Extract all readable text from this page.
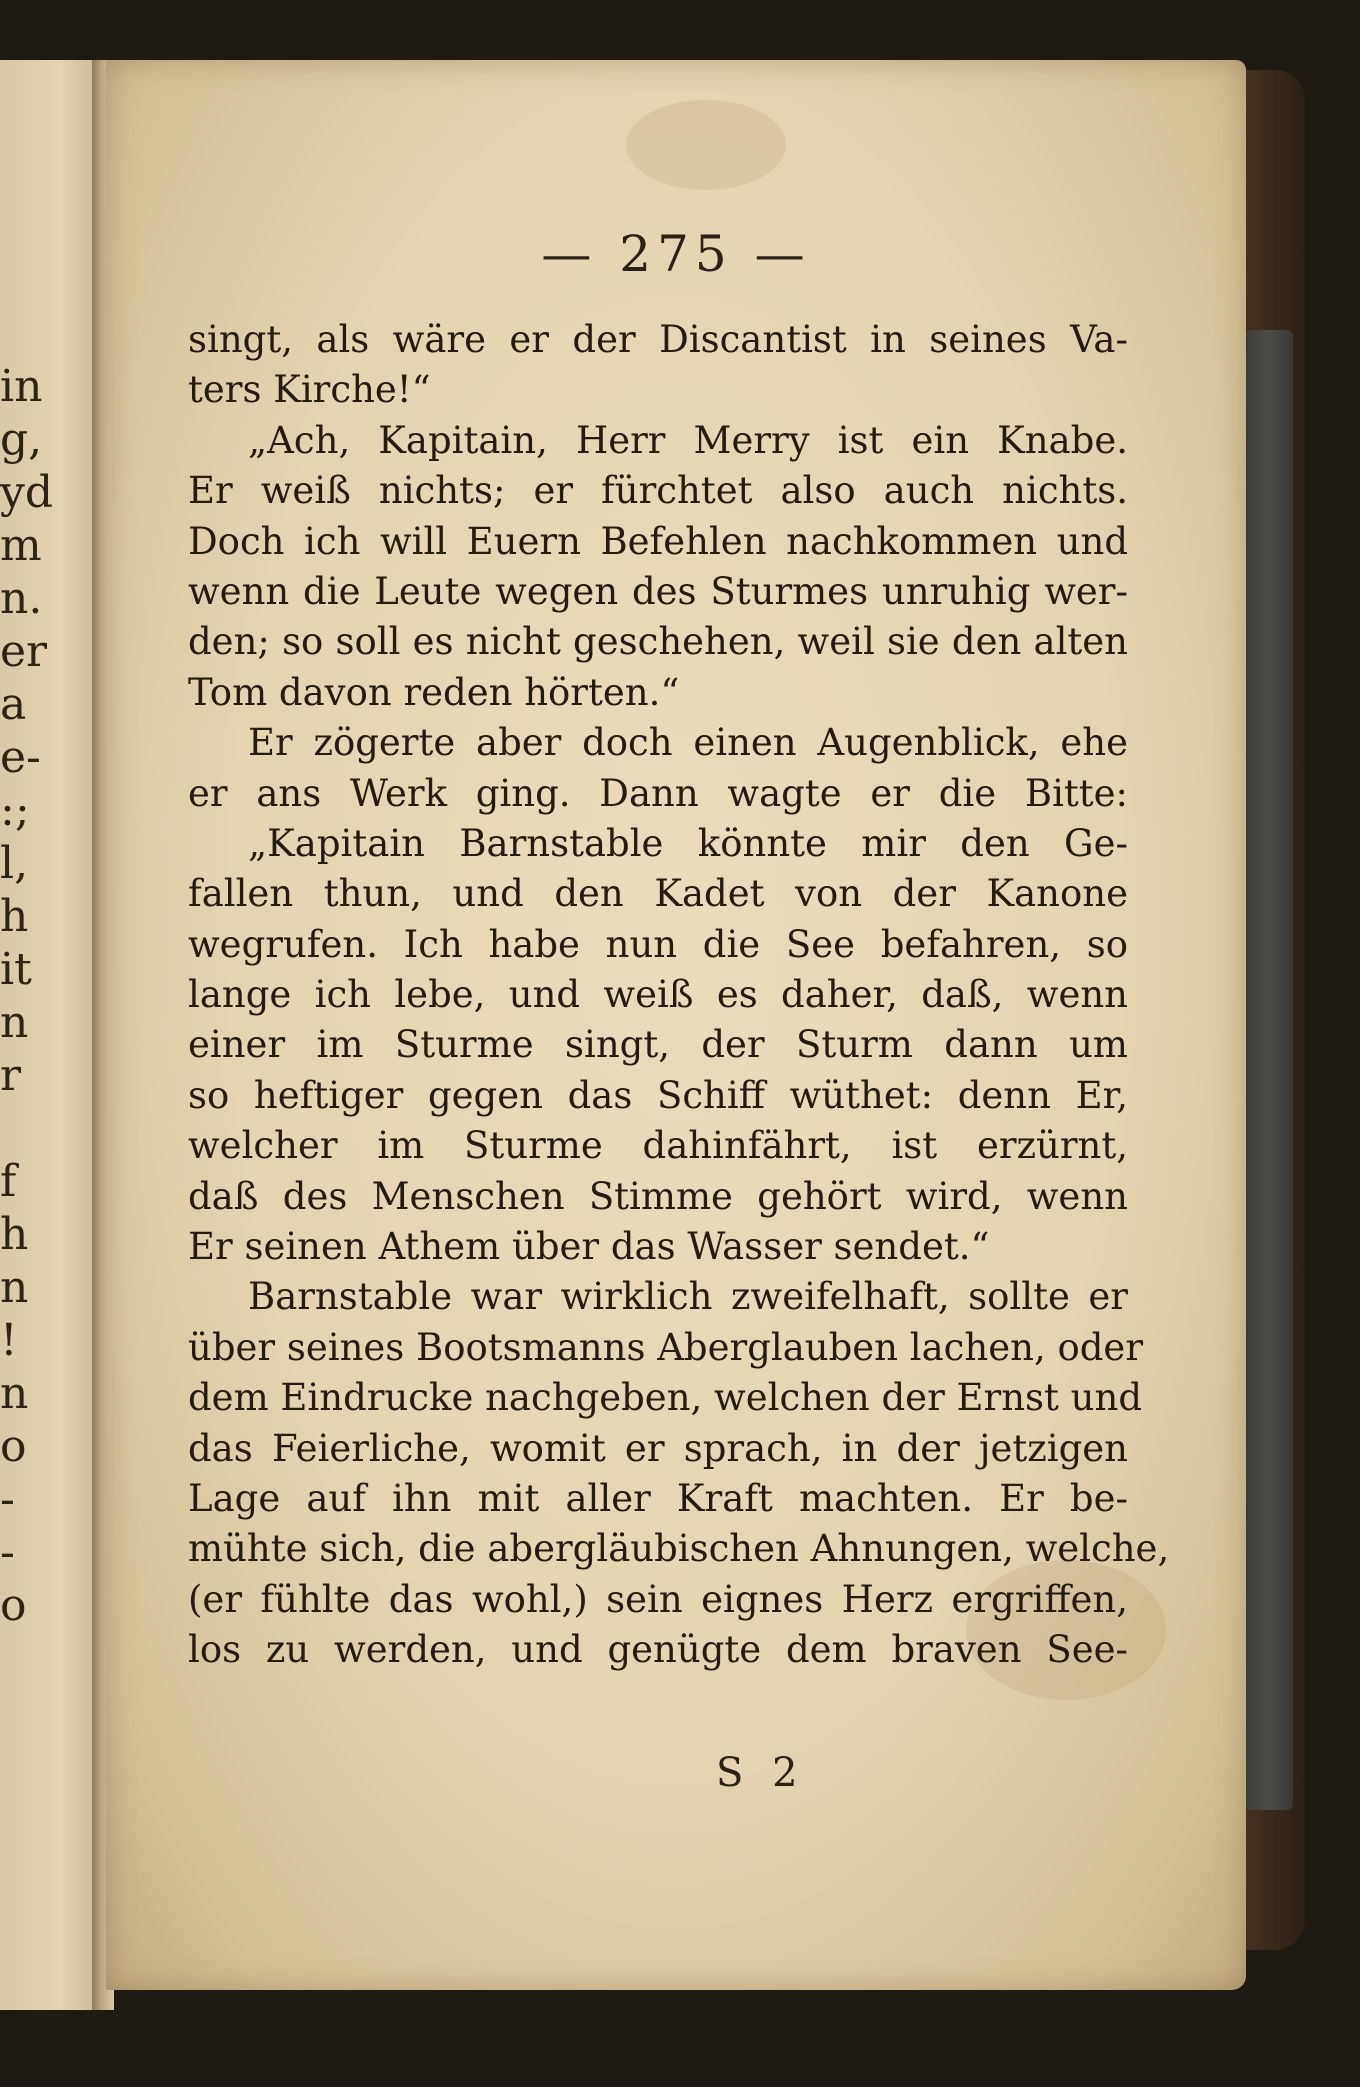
in
g,
yd
m
n.
er
a
e-
:;
l,
h
it
n
r

f
h
n
!
n
o
-
-
o
— 275 —
singt, als wäre er der Discantist in seines Va-
ters Kirche!“
„Ach, Kapitain, Herr Merry ist ein Knabe.
Er weiß nichts; er fürchtet also auch nichts.
Doch ich will Euern Befehlen nachkommen und
wenn die Leute wegen des Sturmes unruhig wer-
den; so soll es nicht geschehen, weil sie den alten
Tom davon reden hörten.“
Er zögerte aber doch einen Augenblick, ehe
er ans Werk ging. Dann wagte er die Bitte:
„Kapitain Barnstable könnte mir den Ge-
fallen thun, und den Kadet von der Kanone
wegrufen. Ich habe nun die See befahren, so
lange ich lebe, und weiß es daher, daß, wenn
einer im Sturme singt, der Sturm dann um
so heftiger gegen das Schiff wüthet: denn Er,
welcher im Sturme dahinfährt, ist erzürnt,
daß des Menschen Stimme gehört wird, wenn
Er seinen Athem über das Wasser sendet.“
Barnstable war wirklich zweifelhaft, sollte er
über seines Bootsmanns Aberglauben lachen, oder
dem Eindrucke nachgeben, welchen der Ernst und
das Feierliche, womit er sprach, in der jetzigen
Lage auf ihn mit aller Kraft machten. Er be-
mühte sich, die abergläubischen Ahnungen, welche,
(er fühlte das wohl,) sein eignes Herz ergriffen,
los zu werden, und genügte dem braven See-
S 2
